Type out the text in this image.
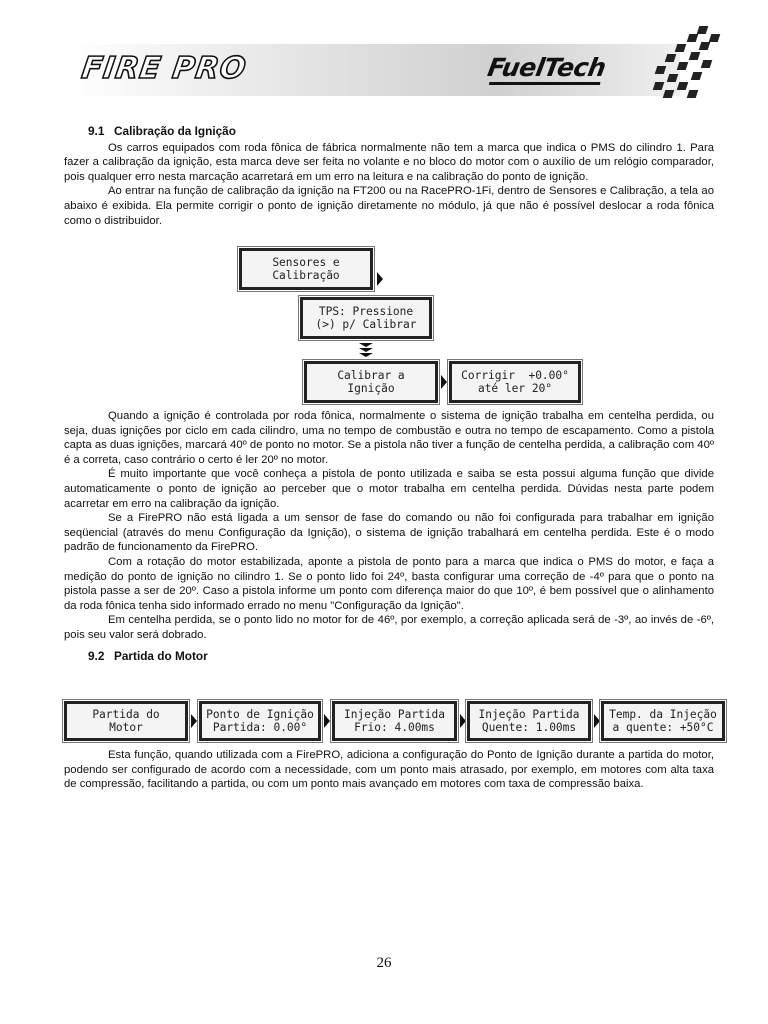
FIRE PRO	FuelTech
9.1 Calibração da Ignição

Os carros equipados com roda fônica de fábrica normalmente não tem a marca que indica o PMS do cilindro 1. Para fazer a calibração da ignição, esta marca deve ser feita no volante e no bloco do motor com o auxílio de um relógio comparador, pois qualquer erro nesta marcação acarretará em um erro na leitura e na calibração do ponto de ignição.

Ao entrar na função de calibração da ignição na FT200 ou na RacePRO-1Fi, dentro de Sensores e Calibração, a tela ao abaixo é exibida. Ela permite corrigir o ponto de ignição diretamente no módulo, já que não é possível deslocar a roda fônica como o distribuidor.

Sensores e
Calibração
TPS: Pressione
(>) p/ Calibrar
Calibrar a
Ignição
Corrigir  +0.00°
até ler 20°

Quando a ignição é controlada por roda fônica, normalmente o sistema de ignição trabalha em centelha perdida, ou seja, duas ignições por ciclo em cada cilindro, uma no tempo de combustão e outra no tempo de escapamento. Como a pistola capta as duas ignições, marcará 40º de ponto no motor. Se a pistola não tiver a função de centelha perdida, a calibração com 40º é a correta, caso contrário o certo é ler 20º no motor.

É muito importante que você conheça a pistola de ponto utilizada e saiba se esta possui alguma função que divide automaticamente o ponto de ignição ao perceber que o motor trabalha em centelha perdida. Dúvidas nesta parte podem acarretar em erro na calibração da ignição.

Se a FirePRO não está ligada a um sensor de fase do comando ou não foi configurada para trabalhar em ignição seqüencial (através do menu Configuração da Ignição), o sistema de ignição trabalhará em centelha perdida. Este é o modo padrão de funcionamento da FirePRO.

Com a rotação do motor estabilizada, aponte a pistola de ponto para a marca que indica o PMS do motor, e faça a medição do ponto de ignição no cilindro 1. Se o ponto lido foi 24º, basta configurar uma correção de -4º para que o ponto na pistola passe a ser de 20º. Caso a pistola informe um ponto com diferença maior do que 10º, é bem possível que o alinhamento da roda fônica tenha sido informado errado no menu "Configuração da Ignição".

Em centelha perdida, se o ponto lido no motor for de 46º, por exemplo, a correção aplicada será de -3º, ao invés de -6º, pois seu valor será dobrado.

9.2 Partida do Motor
Partida do
Motor
Ponto de Ignição
Partida: 0.00°
Injeção Partida
Frio: 4.00ms
Injeção Partida
Quente: 1.00ms
Temp. da Injeção
a quente: +50°C

Esta função, quando utilizada com a FirePRO, adiciona a configuração do Ponto de Ignição durante a partida do motor, podendo ser configurado de acordo com a necessidade, com um ponto mais atrasado, por exemplo, em motores com alta taxa de compressão, facilitando a partida, ou com um ponto mais avançado em motores com taxa de compressão baixa.

26
